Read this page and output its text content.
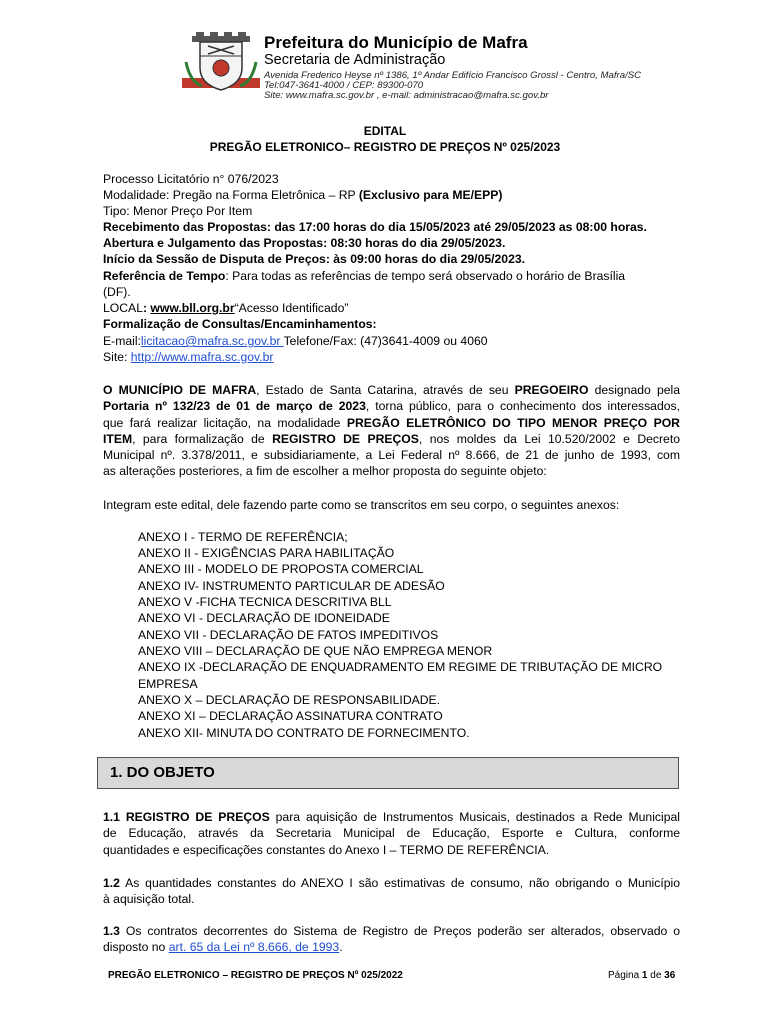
Prefeitura do Município de Mafra
Secretaria de Administração
Avenida Frederico Heyse nº 1386, 1º Andar Edifício Francisco Grossl - Centro, Mafra/SC
Tel:047-3641-4000 / CEP: 89300-070
Site: www.mafra.sc.gov.br , e-mail: administracao@mafra.sc.gov.br
EDITAL
PREGÃO ELETRONICO– REGISTRO DE PREÇOS Nº 025/2023
Processo Licitatório n° 076/2023
Modalidade: Pregão na Forma Eletrônica – RP (Exclusivo para ME/EPP)
Tipo: Menor Preço Por Item
Recebimento das Propostas: das 17:00 horas do dia 15/05/2023 até 29/05/2023 as 08:00 horas.
Abertura e Julgamento das Propostas: 08:30 horas do dia 29/05/2023.
Início da Sessão de Disputa de Preços: às 09:00 horas do dia 29/05/2023.
Referência de Tempo: Para todas as referências de tempo será observado o horário de Brasília
(DF).
LOCAL: www.bll.org.br“Acesso Identificado”
Formalização de Consultas/Encaminhamentos:
E-mail:licitacao@mafra.sc.gov.br Telefone/Fax: (47)3641-4009 ou 4060
Site: http://www.mafra.sc.gov.br
O MUNICÍPIO DE MAFRA, Estado de Santa Catarina, através de seu PREGOEIRO designado pela
Portaria nº 132/23 de 01 de março de 2023, torna público, para o conhecimento dos interessados,
que fará realizar licitação, na modalidade PREGÃO ELETRÔNICO DO TIPO MENOR PREÇO POR
ITEM, para formalização de REGISTRO DE PREÇOS, nos moldes da Lei 10.520/2002 e Decreto
Municipal nº. 3.378/2011, e subsidiariamente, a Lei Federal nº 8.666, de 21 de junho de 1993, com
as alterações posteriores, a fim de escolher a melhor proposta do seguinte objeto:
Integram este edital, dele fazendo parte como se transcritos em seu corpo, o seguintes anexos:
ANEXO I - TERMO DE REFERÊNCIA;
ANEXO II - EXIGÊNCIAS PARA HABILITAÇÃO
ANEXO III - MODELO DE PROPOSTA COMERCIAL
ANEXO IV- INSTRUMENTO PARTICULAR DE ADESÃO
ANEXO V -FICHA TECNICA DESCRITIVA BLL
ANEXO VI - DECLARAÇÃO DE IDONEIDADE
ANEXO VII - DECLARAÇÃO DE FATOS IMPEDITIVOS
ANEXO VIII – DECLARAÇÃO DE QUE NÃO EMPREGA MENOR
ANEXO IX -DECLARAÇÃO DE ENQUADRAMENTO EM REGIME DE TRIBUTAÇÃO DE MICRO
EMPRESA
ANEXO X – DECLARAÇÃO DE RESPONSABILIDADE.
ANEXO XI – DECLARAÇÃO ASSINATURA CONTRATO
ANEXO XII- MINUTA DO CONTRATO DE FORNECIMENTO.
1. DO OBJETO
1.1 REGISTRO DE PREÇOS para aquisição de Instrumentos Musicais, destinados a Rede Municipal
de Educação, através da Secretaria Municipal de Educação, Esporte e Cultura, conforme
quantidades e especificações constantes do Anexo I – TERMO DE REFERÊNCIA.
1.2 As quantidades constantes do ANEXO I são estimativas de consumo, não obrigando o Município
à aquisição total.
1.3 Os contratos decorrentes do Sistema de Registro de Preços poderão ser alterados, observado o
disposto no art. 65 da Lei nº 8.666, de 1993.
PREGÃO ELETRONICO – REGISTRO DE PREÇOS Nº 025/2022	Página 1 de 36
